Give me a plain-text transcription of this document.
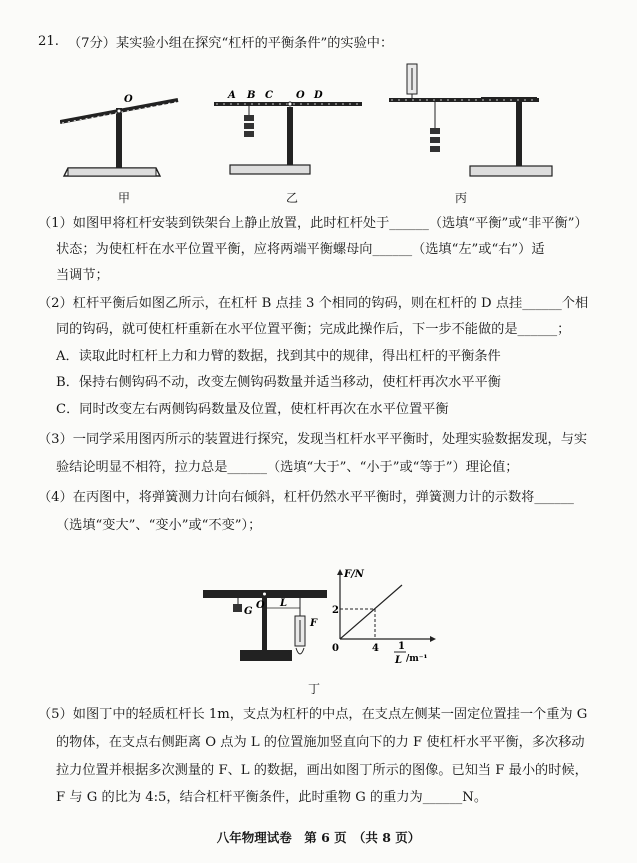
21. （7分）某实验小组在探究“杠杆的平衡条件”的实验中：
O
甲
A B C O D
乙	丙
（1）如图甲将杠杆安装到铁架台上静止放置，此时杠杆处于______（选填“平衡”或“非平衡”）
状态；为使杠杆在水平位置平衡，应将两端平衡螺母向______（选填“左”或“右”）适
当调节；
（2）杠杆平衡后如图乙所示，在杠杆 B 点挂 3 个相同的钩码，则在杠杆的 D 点挂______个相
同的钩码，就可使杠杆重新在水平位置平衡；完成此操作后，下一步不能做的是______；
A．读取此时杠杆上力和力臂的数据，找到其中的规律，得出杠杆的平衡条件
B．保持右侧钩码不动，改变左侧钩码数量并适当移动，使杠杆再次水平平衡
C．同时改变左右两侧钩码数量及位置，使杠杆再次在水平位置平衡
（3）一同学采用图丙所示的装置进行探究，发现当杠杆水平平衡时，处理实验数据发现，与实
验结论明显不相符，拉力总是______（选填“大于”、“小于”或“等于”）理论值；
（4）在丙图中，将弹簧测力计向右倾斜，杠杆仍然水平平衡时，弹簧测力计的示数将______
（选填“变大”、“变小”或“不变”）；
G
O L
F
F/N
0	4
2
1
L /m⁻¹
丁
（5）如图丁中的轻质杠杆长 1m，支点为杠杆的中点，在支点左侧某一固定位置挂一个重为 G
的物体，在支点右侧距离 O 点为 L 的位置施加竖直向下的力 F 使杠杆水平平衡，多次移动
拉力位置并根据多次测量的 F、L 的数据，画出如图丁所示的图像。已知当 F 最小的时候，
F 与 G 的比为 4:5，结合杠杆平衡条件，此时重物 G 的重力为______N。
八年物理试卷　第 6 页　（共 8 页）
